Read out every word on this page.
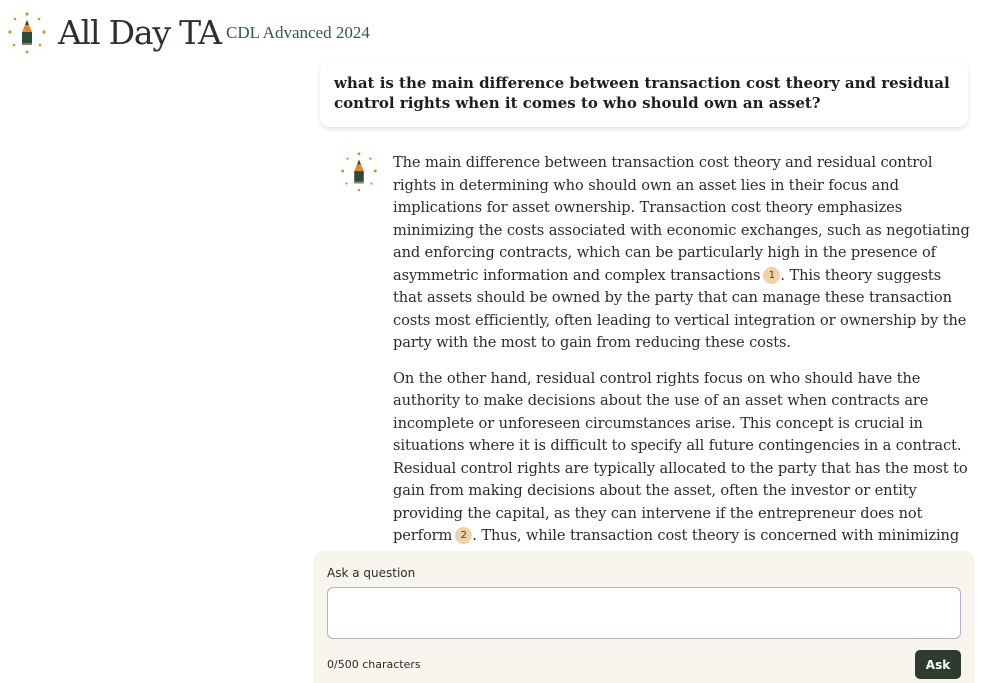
All Day TA CDL Advanced 2024
what is the main difference between transaction cost theory and residual control rights when it comes to who should own an asset?

The main difference between transaction cost theory and residual control rights in determining who should own an asset lies in their focus and implications for asset ownership. Transaction cost theory emphasizes minimizing the costs associated with economic exchanges, such as negotiating and enforcing contracts, which can be particularly high in the presence of asymmetric information and complex transactions 1 . This theory suggests that assets should be owned by the party that can manage these transaction costs most efficiently, often leading to vertical integration or ownership by the party with the most to gain from reducing these costs.

On the other hand, residual control rights focus on who should have the authority to make decisions about the use of an asset when contracts are incomplete or unforeseen circumstances arise. This concept is crucial in situations where it is difficult to specify all future contingencies in a contract. Residual control rights are typically allocated to the party that has the most to gain from making decisions about the asset, often the investor or entity providing the capital, as they can intervene if the entrepreneur does not perform 2 . Thus, while transaction cost theory is concerned with minimizing

Ask a question
0/500 characters	Ask
